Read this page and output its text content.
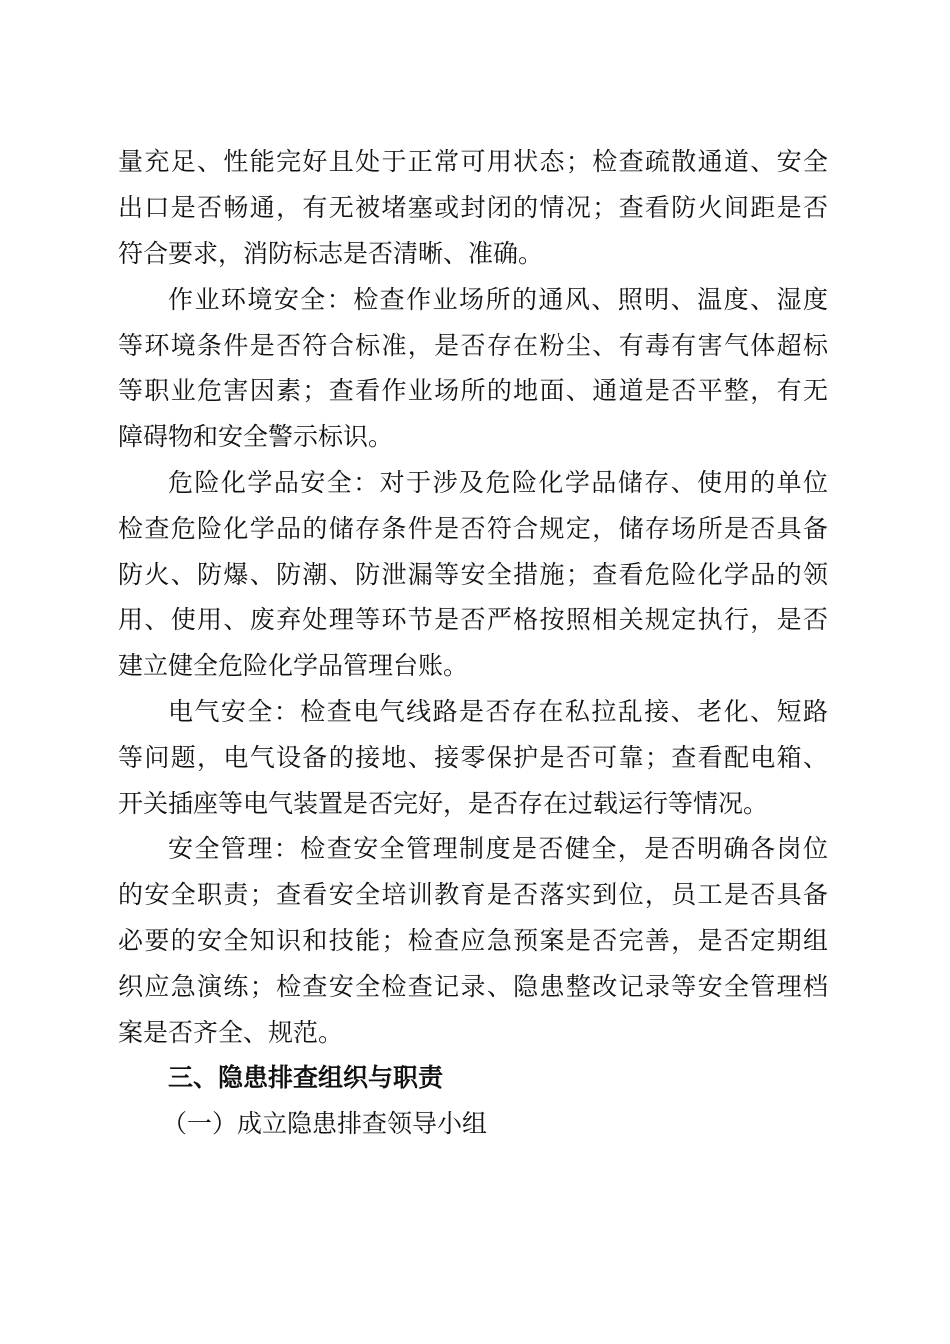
量充足、性能完好且处于正常可用状态；检查疏散通道、安全
出口是否畅通，有无被堵塞或封闭的情况；查看防火间距是否
符合要求，消防标志是否清晰、准确。
作业环境安全：检查作业场所的通风、照明、温度、湿度
等环境条件是否符合标准，是否存在粉尘、有毒有害气体超标
等职业危害因素；查看作业场所的地面、通道是否平整，有无
障碍物和安全警示标识。
危险化学品安全：对于涉及危险化学品储存、使用的单位
检查危险化学品的储存条件是否符合规定，储存场所是否具备
防火、防爆、防潮、防泄漏等安全措施；查看危险化学品的领
用、使用、废弃处理等环节是否严格按照相关规定执行，是否
建立健全危险化学品管理台账。
电气安全：检查电气线路是否存在私拉乱接、老化、短路
等问题，电气设备的接地、接零保护是否可靠；查看配电箱、
开关插座等电气装置是否完好，是否存在过载运行等情况。
安全管理：检查安全管理制度是否健全，是否明确各岗位
的安全职责；查看安全培训教育是否落实到位，员工是否具备
必要的安全知识和技能；检查应急预案是否完善，是否定期组
织应急演练；检查安全检查记录、隐患整改记录等安全管理档
案是否齐全、规范。
三、隐患排查组织与职责
（一）成立隐患排查领导小组
